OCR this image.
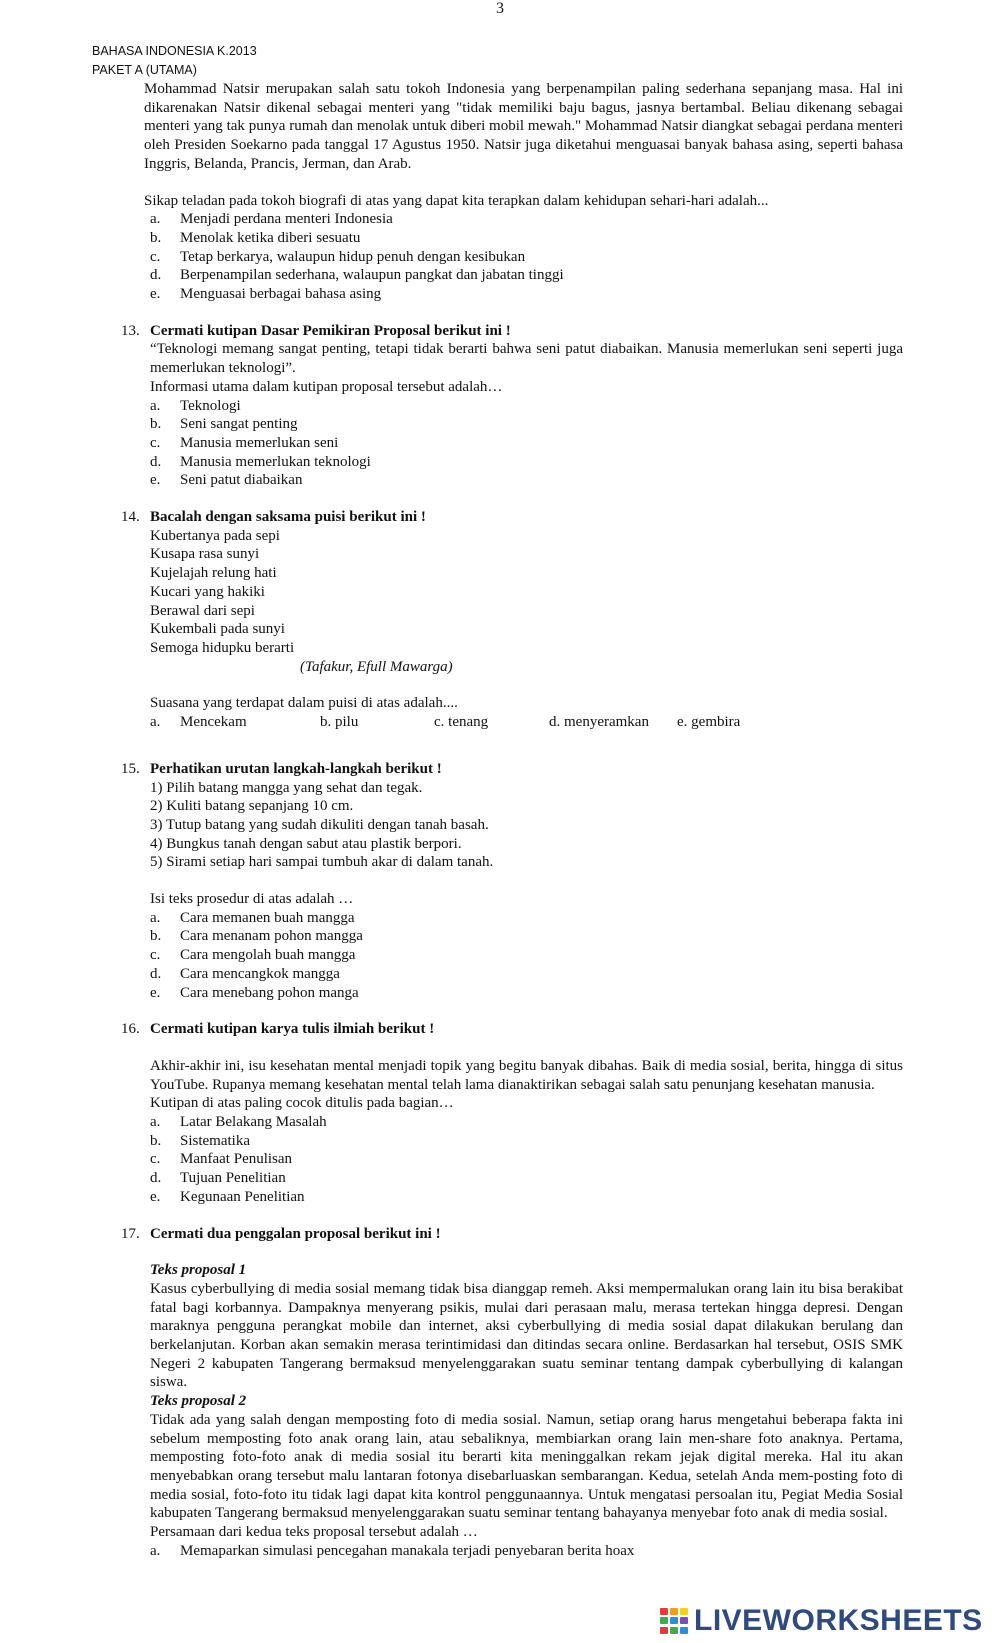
3
BAHASA INDONESIA K.2013
PAKET A (UTAMA)

Mohammad Natsir merupakan salah satu tokoh Indonesia yang berpenampilan paling sederhana sepanjang masa. Hal ini dikarenakan Natsir dikenal sebagai menteri yang "tidak memiliki baju bagus, jasnya bertambal. Beliau dikenang sebagai menteri yang tak punya rumah dan menolak untuk diberi mobil mewah." Mohammad Natsir diangkat sebagai perdana menteri oleh Presiden Soekarno pada tanggal 17 Agustus 1950. Natsir juga diketahui menguasai banyak bahasa asing, seperti bahasa Inggris, Belanda, Prancis, Jerman, dan Arab.

Sikap teladan pada tokoh biografi di atas yang dapat kita terapkan dalam kehidupan sehari-hari adalah...

a. Menjadi perdana menteri Indonesia
b. Menolak ketika diberi sesuatu
c. Tetap berkarya, walaupun hidup penuh dengan kesibukan
d. Berpenampilan sederhana, walaupun pangkat dan jabatan tinggi
e. Menguasai berbagai bahasa asing
13. Cermati kutipan Dasar Pemikiran Proposal berikut ini !
“Teknologi memang sangat penting, tetapi tidak berarti bahwa seni patut diabaikan. Manusia memerlukan seni seperti juga memerlukan teknologi”.
Informasi utama dalam kutipan proposal tersebut adalah…
a. Teknologi
b. Seni sangat penting
c. Manusia memerlukan seni
d. Manusia memerlukan teknologi
e. Seni patut diabaikan
14. Bacalah dengan saksama puisi berikut ini !
Kubertanya pada sepi
Kusapa rasa sunyi
Kujelajah relung hati
Kucari yang hakiki
Berawal dari sepi
Kukembali pada sunyi
Semoga hidupku berarti
(Tafakur, Efull Mawarga)
Suasana yang terdapat dalam puisi di atas adalah....
a.	Mencekam	b. pilu	c. tenang	d. menyeramkan	e. gembira
15. Perhatikan urutan langkah-langkah berikut !
1) Pilih batang mangga yang sehat dan tegak.
2) Kuliti batang sepanjang 10 cm.
3) Tutup batang yang sudah dikuliti dengan tanah basah.
4) Bungkus tanah dengan sabut atau plastik berpori.
5) Sirami setiap hari sampai tumbuh akar di dalam tanah.
Isi teks prosedur di atas adalah …
a. Cara memanen buah mangga
b. Cara menanam pohon mangga
c. Cara mengolah buah mangga
d. Cara mencangkok mangga
e. Cara menebang pohon manga
16. Cermati kutipan karya tulis ilmiah berikut !
Akhir-akhir ini, isu kesehatan mental menjadi topik yang begitu banyak dibahas. Baik di media sosial, berita, hingga di situs YouTube. Rupanya memang kesehatan mental telah lama dianaktirikan sebagai salah satu penunjang kesehatan manusia.
Kutipan di atas paling cocok ditulis pada bagian…
a. Latar Belakang Masalah
b. Sistematika
c. Manfaat Penulisan
d. Tujuan Penelitian
e. Kegunaan Penelitian
17. Cermati dua penggalan proposal berikut ini !
Teks proposal 1
Kasus cyberbullying di media sosial memang tidak bisa dianggap remeh. Aksi mempermalukan orang lain itu bisa berakibat fatal bagi korbannya. Dampaknya menyerang psikis, mulai dari perasaan malu, merasa tertekan hingga depresi. Dengan maraknya pengguna perangkat mobile dan internet, aksi cyberbullying di media sosial dapat dilakukan berulang dan berkelanjutan. Korban akan semakin merasa terintimidasi dan ditindas secara online. Berdasarkan hal tersebut, OSIS SMK Negeri 2 kabupaten Tangerang bermaksud menyelenggarakan suatu seminar tentang dampak cyberbullying di kalangan siswa.
Teks proposal 2
Tidak ada yang salah dengan memposting foto di media sosial. Namun, setiap orang harus mengetahui beberapa fakta ini sebelum memposting foto anak orang lain, atau sebaliknya, membiarkan orang lain men-share foto anaknya. Pertama, memposting foto-foto anak di media sosial itu berarti kita meninggalkan rekam jejak digital mereka. Hal itu akan menyebabkan orang tersebut malu lantaran fotonya disebarluaskan sembarangan. Kedua, setelah Anda mem-posting foto di media sosial, foto-foto itu tidak lagi dapat kita kontrol penggunaannya. Untuk mengatasi persoalan itu, Pegiat Media Sosial kabupaten Tangerang bermaksud menyelenggarakan suatu seminar tentang bahayanya menyebar foto anak di media sosial.
Persamaan dari kedua teks proposal tersebut adalah …
a. Memaparkan simulasi pencegahan manakala terjadi penyebaran berita hoax
LIVEWORKSHEETS
